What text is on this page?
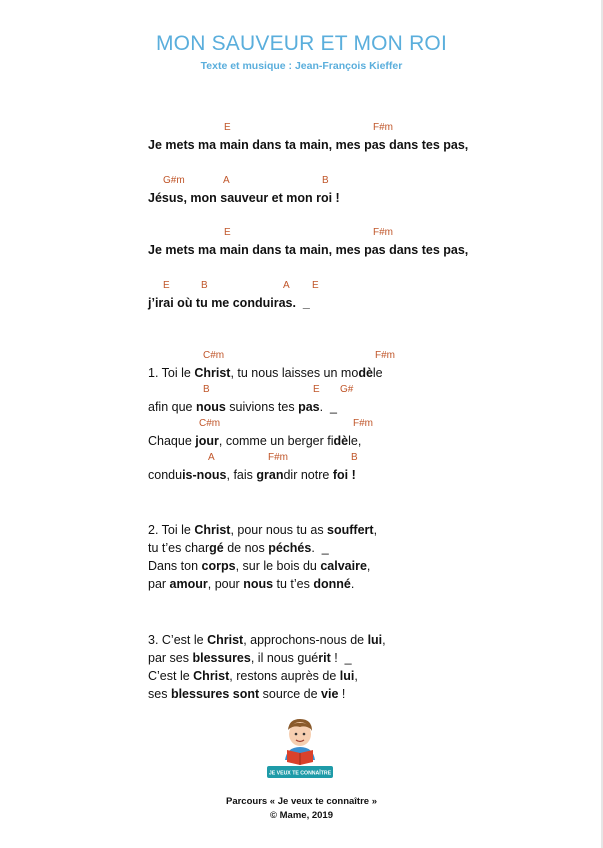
MON SAUVEUR ET MON ROI
Texte et musique : Jean-François Kieffer
E	F#m
Je mets ma main dans ta main, mes pas dans tes pas,
G#m	A	B
Jésus, mon sauveur et mon roi !
E	F#m
Je mets ma main dans ta main, mes pas dans tes pas,
E	B	A E
j’irai où tu me conduiras.  _
C#m	F#m
1. Toi le Christ, tu nous laisses un modèle
B	E G#
afin que nous suivions tes pas.  _
C#m	F#m
Chaque jour, comme un berger fidèle,
A	F#m	B
conduis-nous, fais grandir notre foi !
2. Toi le Christ, pour nous tu as souffert,
tu t’es chargé de nos péchés.  _
Dans ton corps, sur le bois du calvaire,
par amour, pour nous tu t’es donné.
3. C’est le Christ, approchons-nous de lui,
par ses blessures, il nous guérit !  _
C’est le Christ, restons auprès de lui,
ses blessures sont source de vie !
JE VEUX TE CONNAÎTRE
Parcours « Je veux te connaître »
© Mame, 2019
